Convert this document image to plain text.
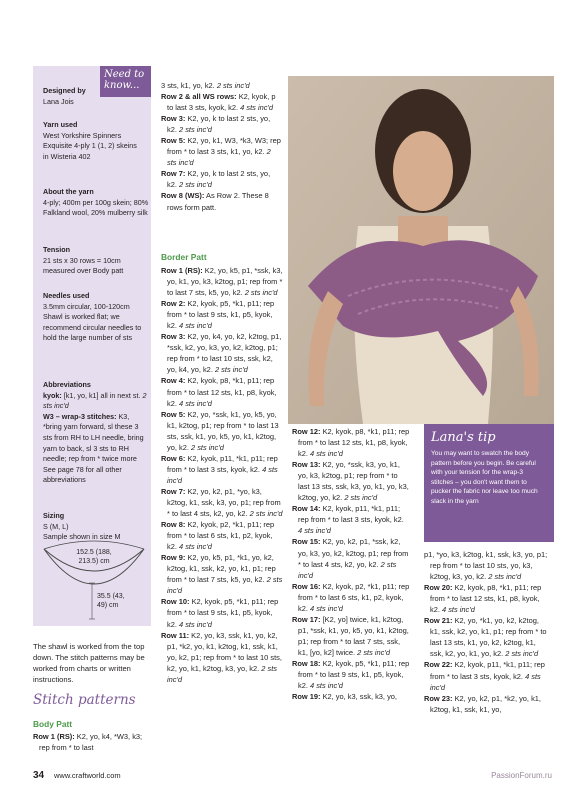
Need to know...
Designed by
Lana Jois
Yarn used
West Yorkshire Spinners Exquisite 4-ply 1 (1, 2) skeins in Wisteria 402
About the yarn
4-ply; 400m per 100g skein; 80% Falkland wool, 20% mulberry silk
Tension
21 sts x 30 rows = 10cm measured over Body patt
Needles used
3.5mm circular, 100-120cm Shawl is worked flat; we recommend circular needles to hold the large number of sts
Abbreviations
kyok: [k1, yo, k1] all in next st. 2 sts inc'd
W3 – wrap-3 stitches: K3, *bring yarn forward, sl these 3 sts from RH to LH needle, bring yarn to back, sl 3 sts to RH needle; rep from * twice more
See page 78 for all other abbreviations
Sizing
S (M, L)
Sample shown in size M
152.5 (188, 213.5) cm
35.5 (43, 49) cm
The shawl is worked from the top down. The stitch patterns may be worked from charts or written instructions.
Stitch patterns
Body Patt

Row 1 (RS): K2, yo, k4, *W3, k3; rep from * to last

3 sts, k1, yo, k2. 2 sts inc'd

Row 2 & all WS rows: K2, kyok, p to last 3 sts, kyok, k2. 4 sts inc'd

Row 3: K2, yo, k to last 2 sts, yo, k2. 2 sts inc'd

Row 5: K2, yo, k1, W3, *k3, W3; rep from * to last 3 sts, k1, yo, k2. 2 sts inc'd

Row 7: K2, yo, k to last 2 sts, yo, k2. 2 sts inc'd

Row 8 (WS): As Row 2. These 8 rows form patt.

Border Patt

Row 1 (RS): K2, yo, k5, p1, *ssk, k3, yo, k1, yo, k3, k2tog, p1; rep from * to last 7 sts, k5, yo, k2. 2 sts inc'd

Row 2: K2, kyok, p5, *k1, p11; rep from * to last 9 sts, k1, p5, kyok, k2. 4 sts inc'd

Row 3: K2, yo, k4, yo, k2, k2tog, p1, *ssk, k2, yo, k3, yo, k2, k2tog, p1; rep from * to last 10 sts, ssk, k2, yo, k4, yo, k2. 2 sts inc'd

Row 4: K2, kyok, p8, *k1, p11; rep from * to last 12 sts, k1, p8, kyok, k2. 4 sts inc'd

Row 5: K2, yo, *ssk, k1, yo, k5, yo, k1, k2tog, p1; rep from * to last 13 sts, ssk, k1, yo, k5, yo, k1, k2tog, yo, k2. 2 sts inc'd

Row 6: K2, kyok, p11, *k1, p11; rep from * to last 3 sts, kyok, k2. 4 sts inc'd

Row 7: K2, yo, k2, p1, *yo, k3, k2tog, k1, ssk, k3, yo, p1; rep from * to last 4 sts, k2, yo, k2. 2 sts inc'd

Row 8: K2, kyok, p2, *k1, p11; rep from * to last 6 sts, k1, p2, kyok, k2. 4 sts inc'd

Row 9: K2, yo, k5, p1, *k1, yo, k2, k2tog, k1, ssk, k2, yo, k1, p1; rep from * to last 7 sts, k5, yo, k2. 2 sts inc'd

Row 10: K2, kyok, p5, *k1, p11; rep from * to last 9 sts, k1, p5, kyok, k2. 4 sts inc'd

Row 11: K2, yo, k3, ssk, k1, yo, k2, p1, *k2, yo, k1, k2tog, k1, ssk, k1, yo, k2, p1; rep from * to last 10 sts, k2, yo, k1, k2tog, k3, yo, k2. 2 sts inc'd

Row 12: K2, kyok, p8, *k1, p11; rep from * to last 12 sts, k1, p8, kyok, k2. 4 sts inc'd

Row 13: K2, yo, *ssk, k3, yo, k1, yo, k3, k2tog, p1; rep from * to last 13 sts, ssk, k3, yo, k1, yo, k3, k2tog, yo, k2. 2 sts inc'd

Row 14: K2, kyok, p11, *k1, p11; rep from * to last 3 sts, kyok, k2. 4 sts inc'd

Row 15: K2, yo, k2, p1, *ssk, k2, yo, k3, yo, k2, k2tog, p1; rep from * to last 4 sts, k2, yo, k2. 2 sts inc'd

Row 16: K2, kyok, p2, *k1, p11; rep from * to last 6 sts, k1, p2, kyok, k2. 4 sts inc'd

Row 17: [K2, yo] twice, k1, k2tog, p1, *ssk, k1, yo, k5, yo, k1, k2tog, p1; rep from * to last 7 sts, ssk, k1, [yo, k2] twice. 2 sts inc'd

Row 18: K2, kyok, p5, *k1, p11; rep from * to last 9 sts, k1, p5, kyok, k2. 4 sts inc'd

Row 19: K2, yo, k3, ssk, k3, yo,

Lana's tip
You may want to swatch the body pattern before you begin. Be careful with your tension for the wrap-3 stitches – you don't want them to pucker the fabric nor leave too much slack in the yarn

p1, *yo, k3, k2tog, k1, ssk, k3, yo, p1; rep from * to last 10 sts, yo, k3, k2tog, k3, yo, k2. 2 sts inc'd

Row 20: K2, kyok, p8, *k1, p11; rep from * to last 12 sts, k1, p8, kyok, k2. 4 sts inc'd

Row 21: K2, yo, *k1, yo, k2, k2tog, k1, ssk, k2, yo, k1, p1; rep from * to last 13 sts, k1, yo, k2, k2tog, k1, ssk, k2, yo, k1, yo, k2. 2 sts inc'd

Row 22: K2, kyok, p11, *k1, p11; rep from * to last 3 sts, kyok, k2. 4 sts inc'd

Row 23: K2, yo, k2, p1, *k2, yo, k1, k2tog, k1, ssk, k1, yo,

34 www.craftworld.com	PassionForum.ru
